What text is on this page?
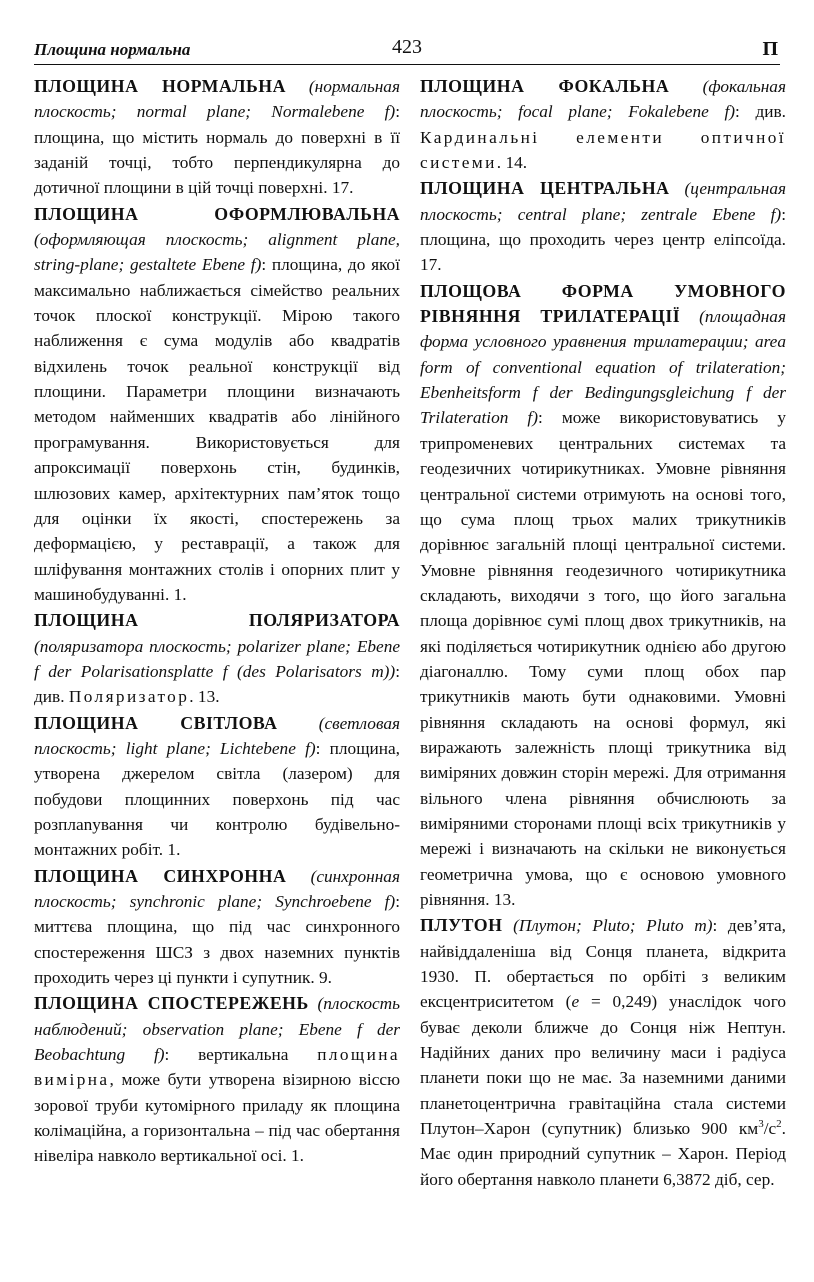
Площина нормальна	423	П

ПЛОЩИНА НОРМАЛЬНА (нормальная плоскость; normal plane; Normalebene f): площина, що містить нормаль до поверхні в її заданій точці, тобто перпендикулярна до дотичної площини в цій точці поверхні. 17.

ПЛОЩИНА ОФОРМЛЮВАЛЬНА (оформляющая плоскость; alignment plane, string-plane; gestaltete Ebene f): площина, до якої максимально наближається сімейство реальних точок плоскої конструкції. Мірою такого наближення є сума модулів або квадратів відхилень точок реальної конструкції від площини. Параметри площини визначають методом найменших квадратів або лінійного програмування. Використовується для апроксимації поверхонь стін, будинків, шлюзових камер, архітектурних пам’яток тощо для оцінки їх якості, спостережень за деформацією, у реставрації, а також для шліфування монтажних столів і опорних плит у машинобудуванні. 1.

ПЛОЩИНА ПОЛЯРИЗАТОРА (поляризатора плоскость; polarizer plane; Ebene f der Polarisationsplatte f (des Polarisators m)): див. Поляризатор. 13.

ПЛОЩИНА СВІТЛОВА (светловая плоскость; light plane; Lichtebene f): площина, утворена джерелом світла (лазером) для побудови площинних поверхонь під час розплanування чи контролю будівельно-монтажних робіт. 1.

ПЛОЩИНА СИНХРОННА (синхронная плоскость; synchronic plane; Synchroebene f): миттєва площина, що під час синхронного спостереження ШСЗ з двох наземних пунктів проходить через ці пункти і супутник. 9.

ПЛОЩИНА СПОСТЕРЕЖЕНЬ (плоскость наблюдений; observation plane; Ebene f der Beobachtung f): вертикальна площина вимірна, може бути утворена візирною віссю зорової труби кутомірного приладу як площина колімаційна, а горизонтальна – під час обертання нівеліра навколо вертикальної осі. 1.

ПЛОЩИНА ФОКАЛЬНА (фокальная плоскость; focal plane; Fokalebene f): див. Кардинальні елементи оптичної системи. 14.

ПЛОЩИНА ЦЕНТРАЛЬНА (центральная плоскость; central plane; zentrale Ebene f): площина, що проходить через центр еліпсоїда. 17.

ПЛОЩОВА ФОРМА УМОВНОГО РІВНЯННЯ ТРИЛАТЕРАЦІЇ (площадная форма условного уравнения трилатерации; area form of conventional equation of trilateration; Ebenheitsform f der Bedingungsgleichung f der Trilateration f): може використовуватись у трипроменевих центральних системах та геодезичних чотирикутниках. Умовне рівняння центральної системи отримують на основі того, що сума площ трьох малих трикутників дорівнює загальній площі центральної системи. Умовне рівняння геодезичного чотирикутника складають, виходячи з того, що його загальна площа дорівнює сумі площ двох трикутників, на які поділяється чотирикутник однією або другою діагоналлю. Тому суми площ обох пар трикутників мають бути однаковими. Умовні рівняння складають на основі формул, які виражають залежність площі трикутника від виміряних довжин сторін мережі. Для отримання вільного члена рівняння обчислюють за виміряними сторонами площі всіх трикутників у мережі і визначають на скільки не виконується геометрична умова, що є основою умовного рівняння. 13.

ПЛУТОН (Плутон; Pluto; Pluto m): дев’ята, найвіддаленіша від Сонця планета, відкрита 1930. П. обертається по орбіті з великим ексцентриситетом (e = 0,249) унаслідок чого буває деколи ближче до Сонця ніж Нептун. Надійних даних про величину маси і радіуса планети поки що не має. За наземними даними планетоцентрична гравітаційна стала системи Плутон–Харон (супутник) близько 900 $км^3/с^2$. Має один природний супутник – Харон. Період його обертання навколо планети 6,3872 діб, сер.
